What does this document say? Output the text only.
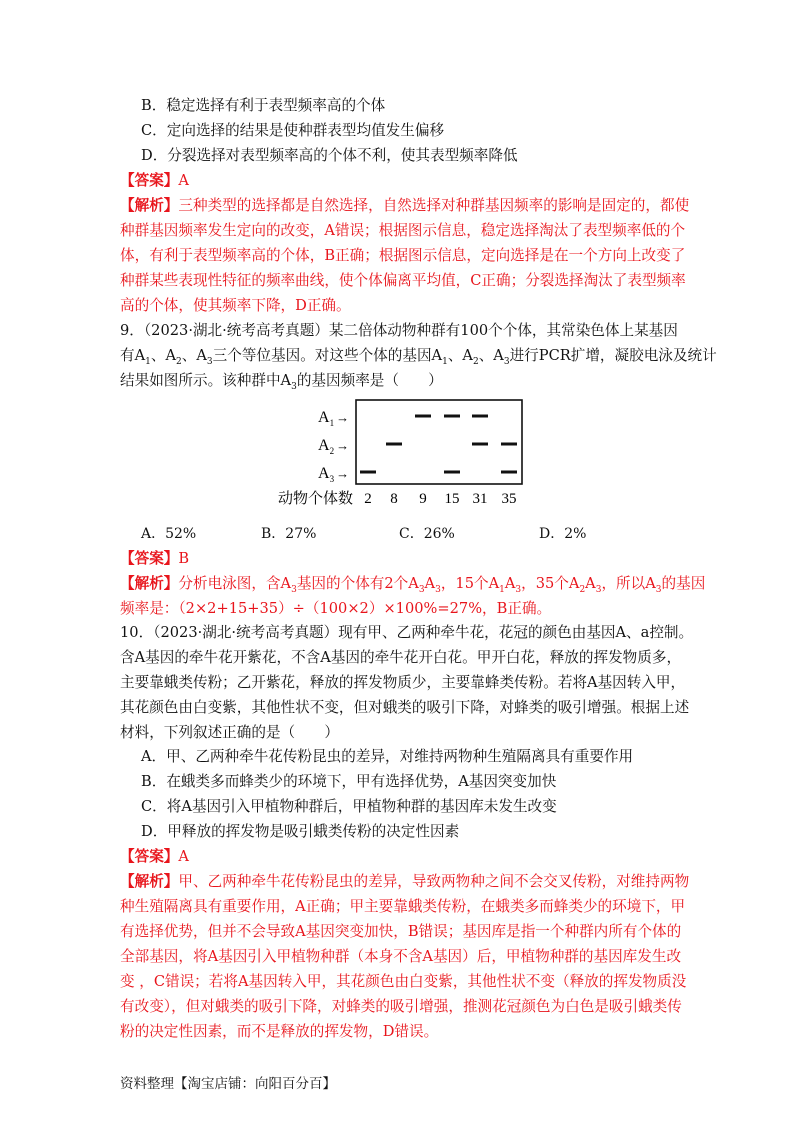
B．稳定选择有利于表型频率高的个体
C．定向选择的结果是使种群表型均值发生偏移
D．分裂选择对表型频率高的个体不利，使其表型频率降低
【答案】A
【解析】三种类型的选择都是自然选择，自然选择对种群基因频率的影响是固定的，都使
种群基因频率发生定向的改变，A错误；根据图示信息，稳定选择淘汰了表型频率低的个
体，有利于表型频率高的个体，B正确；根据图示信息，定向选择是在一个方向上改变了
种群某些表现性特征的频率曲线，使个体偏离平均值，C正确；分裂选择淘汰了表型频率
高的个体，使其频率下降，D正确。
9．（2023·湖北·统考高考真题）某二倍体动物种群有100个个体，其常染色体上某基因
有$A_1$、$A_2$、$A_3$三个等位基因。对这些个体的基因$A_1$、$A_2$、$A_3$进行PCR扩增，凝胶电泳及统计
结果如图所示。该种群中$A_3$的基因频率是（　　）
$A_1$ →
$A_2$ →
$A_3$ →
动物个体数 2 8 9 15 31 35
A．52%	B．27%	C．26%	D．2%
【答案】B
【解析】分析电泳图，含$A_3$基因的个体有2个$A_3A_3$，15个$A_1A_3$，35个$A_2A_3$，所以$A_3$的基因
频率是：（2×2+15+35）÷（100×2）×100%=27%，B正确。
10．（2023·湖北·统考高考真题）现有甲、乙两种牵牛花，花冠的颜色由基因A、a控制。
含A基因的牵牛花开紫花，不含A基因的牵牛花开白花。甲开白花，释放的挥发物质多，
主要靠蛾类传粉；乙开紫花，释放的挥发物质少，主要靠蜂类传粉。若将A基因转入甲，
其花颜色由白变紫，其他性状不变，但对蛾类的吸引下降，对蜂类的吸引增强。根据上述
材料，下列叙述正确的是（　　）
A．甲、乙两种牵牛花传粉昆虫的差异，对维持两物种生殖隔离具有重要作用
B．在蛾类多而蜂类少的环境下，甲有选择优势，A基因突变加快
C．将A基因引入甲植物种群后，甲植物种群的基因库未发生改变
D．甲释放的挥发物是吸引蛾类传粉的决定性因素
【答案】A
【解析】甲、乙两种牵牛花传粉昆虫的差异，导致两物种之间不会交叉传粉，对维持两物
种生殖隔离具有重要作用，A正确；甲主要靠蛾类传粉，在蛾类多而蜂类少的环境下，甲
有选择优势，但并不会导致A基因突变加快，B错误；基因库是指一个种群内所有个体的
全部基因，将A基因引入甲植物种群（本身不含A基因）后，甲植物种群的基因库发生改
变 ，C错误；若将A基因转入甲，其花颜色由白变紫，其他性状不变（释放的挥发物质没
有改变），但对蛾类的吸引下降，对蜂类的吸引增强，推测花冠颜色为白色是吸引蛾类传
粉的决定性因素，而不是释放的挥发物，D错误。
资料整理【淘宝店铺：向阳百分百】
